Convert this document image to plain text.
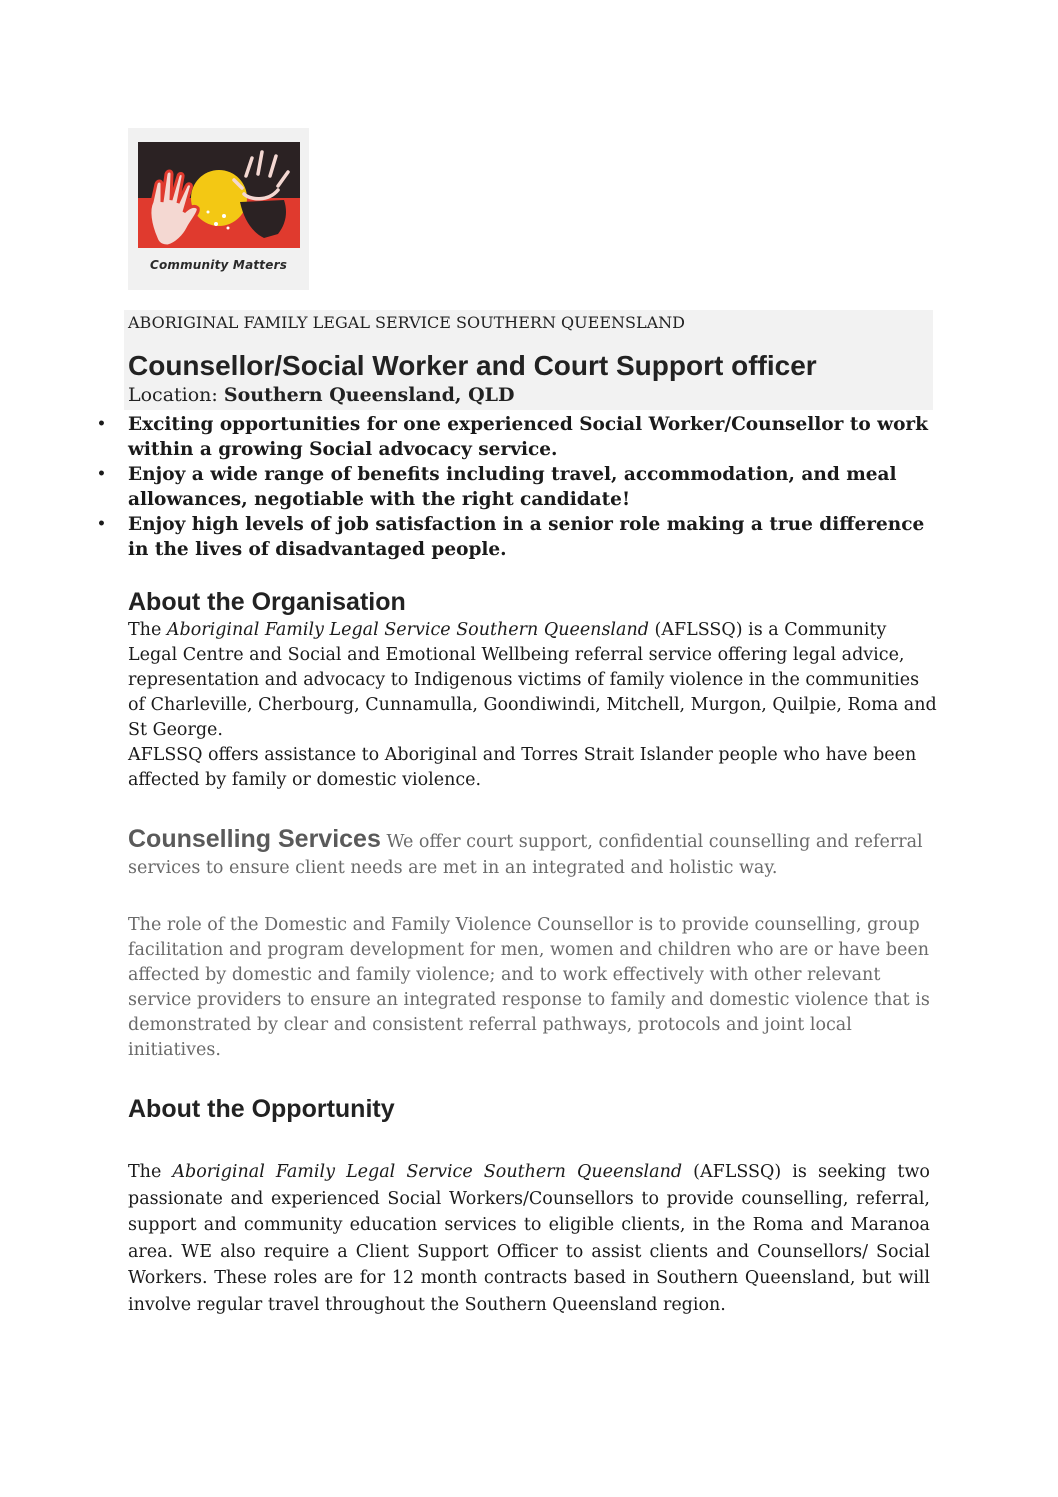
Community Matters
ABORIGINAL FAMILY LEGAL SERVICE SOUTHERN QUEENSLAND
Counsellor/Social Worker and Court Support officer
Location: Southern Queensland, QLD
• Exciting opportunities for one experienced Social Worker/Counsellor to work within a growing Social advocacy service.
• Enjoy a wide range of benefits including travel, accommodation, and meal allowances, negotiable with the right candidate!
• Enjoy high levels of job satisfaction in a senior role making a true difference in the lives of disadvantaged people.
About the Organisation

The Aboriginal Family Legal Service Southern Queensland (AFLSSQ) is a Community Legal Centre and Social and Emotional Wellbeing referral service offering legal advice, representation and advocacy to Indigenous victims of family violence in the communities of Charleville, Cherbourg, Cunnamulla, Goondiwindi, Mitchell, Murgon, Quilpie, Roma and St George.
AFLSSQ offers assistance to Aboriginal and Torres Strait Islander people who have been affected by family or domestic violence.

Counselling Services We offer court support, confidential counselling and referral services to ensure client needs are met in an integrated and holistic way.

The role of the Domestic and Family Violence Counsellor is to provide counselling, group facilitation and program development for men, women and children who are or have been affected by domestic and family violence; and to work effectively with other relevant service providers to ensure an integrated response to family and domestic violence that is demonstrated by clear and consistent referral pathways, protocols and joint local initiatives.

About the Opportunity

The Aboriginal Family Legal Service Southern Queensland (AFLSSQ) is seeking two passionate and experienced Social Workers/Counsellors to provide counselling, referral, support and community education services to eligible clients, in the Roma and Maranoa area. WE also require a Client Support Officer to assist clients and Counsellors/ Social Workers. These roles are for 12 month contracts based in Southern Queensland, but will involve regular travel throughout the Southern Queensland region.
